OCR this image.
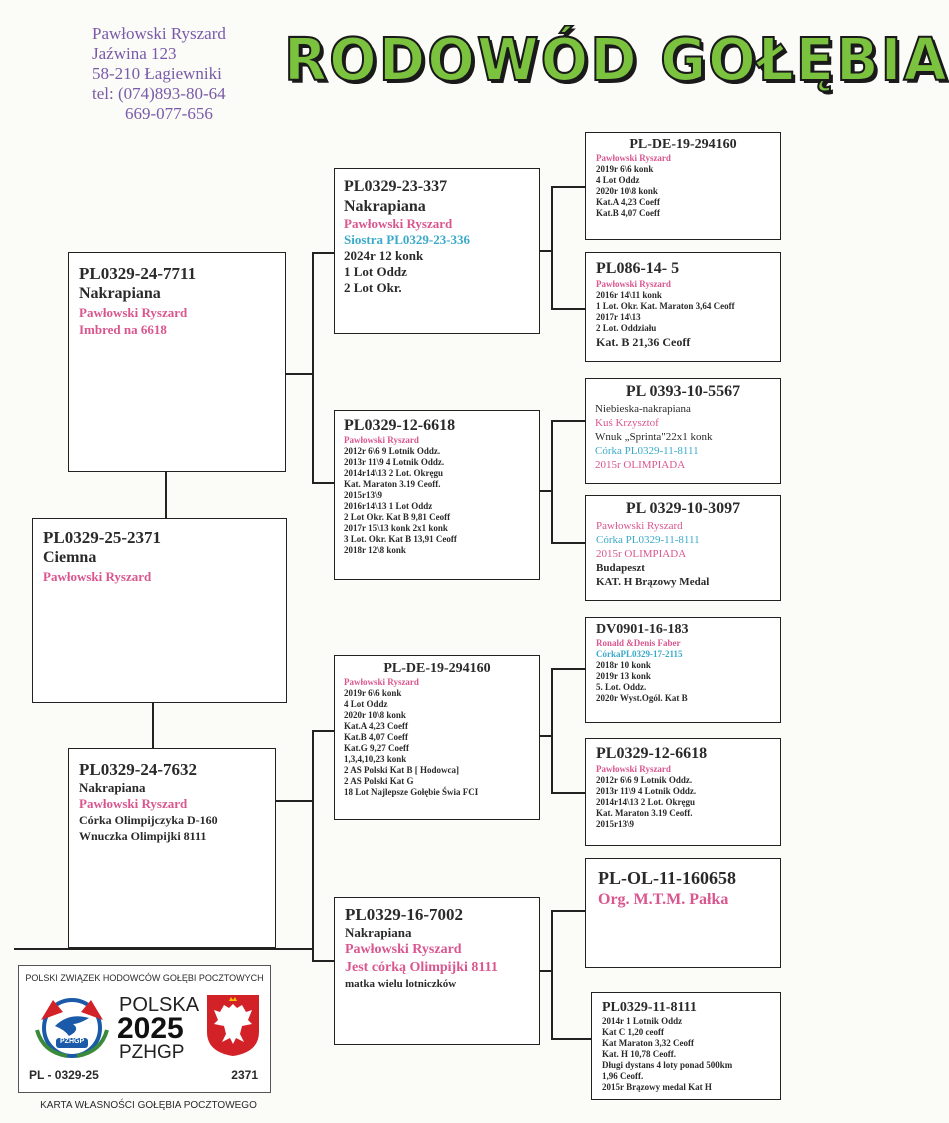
Pawłowski Ryszard
Jaźwina 123
58-210 Łagiewniki
tel: (074)893-80-64
669-077-656
RODOWÓD GOŁĘBIA
PL0329-25-2371
Ciemna
Pawłowski Ryszard
PL0329-24-7711
Nakrapiana
Pawłowski Ryszard
Imbred na 6618
PL0329-24-7632
Nakrapiana
Pawłowski Ryszard
Córka Olimpijczyka D-160
Wnuczka Olimpijki 8111
PL0329-23-337
Nakrapiana
Pawłowski Ryszard
Siostra PL0329-23-336
2024r 12 konk
1 Lot Oddz
2 Lot Okr.
PL0329-12-6618
Pawłowski Ryszard
2012r 6\6 9 Lotnik Oddz.
2013r 11\9 4 Lotnik Oddz.
2014r14\13 2 Lot. Okręgu
Kat. Maraton 3.19 Ceoff.
2015r13\9
2016r14\13 1 Lot Oddz
2 Lot Okr. Kat B 9,81 Ceoff
2017r 15\13 konk 2x1 konk
3 Lot. Okr. Kat B 13,91 Ceoff
2018r 12\8 konk
PL-DE-19-294160
Pawłowski Ryszard
2019r 6\6 konk
4 Lot Oddz
2020r 10\8 konk
Kat.A 4,23 Coeff
Kat.B 4,07 Coeff
Kat.G 9,27 Coeff
1,3,4,10,23 konk
2 AS Polski Kat B [ Hodowca]
2 AS Polski Kat G
18 Lot Najlepsze Gołębie Świa FCI
PL0329-16-7002
Nakrapiana
Pawłowski Ryszard
Jest córką Olimpijki 8111
matka wielu lotniczków
PL-DE-19-294160
Pawłowski Ryszard
2019r 6\6 konk
4 Lot Oddz
2020r 10\8 konk
Kat.A 4,23 Coeff
Kat.B 4,07 Coeff
PL086-14- 5
Pawłowski Ryszard
2016r 14\11 konk
1 Lot. Okr. Kat. Maraton 3,64 Ceoff
2017r 14\13
2 Lot. Oddziału
Kat. B 21,36 Ceoff
PL 0393-10-5567
Niebieska-nakrapiana
Kuś Krzysztof
Wnuk „Sprinta"22x1 konk
Córka PL0329-11-8111
2015r OLIMPIADA
PL 0329-10-3097
Pawłowski Ryszard
Córka PL0329-11-8111
2015r OLIMPIADA
Budapeszt
KAT. H Brązowy Medal
DV0901-16-183
Ronald &Denis Faber
CórkaPL0329-17-2115
2018r 10 konk
2019r 13 konk
5. Lot. Oddz.
2020r Wyst.Ogól. Kat B
PL0329-12-6618
Pawłowski Ryszard
2012r 6\6 9 Lotnik Oddz.
2013r 11\9 4 Lotnik Oddz.
2014r14\13 2 Lot. Okręgu
Kat. Maraton 3.19 Ceoff.
2015r13\9
PL-OL-11-160658
Org. M.T.M. Pałka
PL0329-11-8111
2014r 1 Lotnik Oddz
Kat C 1,20 ceoff
Kat Maraton 3,32 Ceoff
Kat. H 10,78 Ceoff.
Długi dystans 4 loty ponad 500km
1,96 Ceoff.
2015r Brązowy medal Kat H
POLSKI ZWIĄZEK HODOWCÓW GOŁĘBI POCZTOWYCH
PZHGP
POLSKA
2025
PZHGP
PL - 0329-25	2371
KARTA WŁASNOŚCI GOŁĘBIA POCZTOWEGO
